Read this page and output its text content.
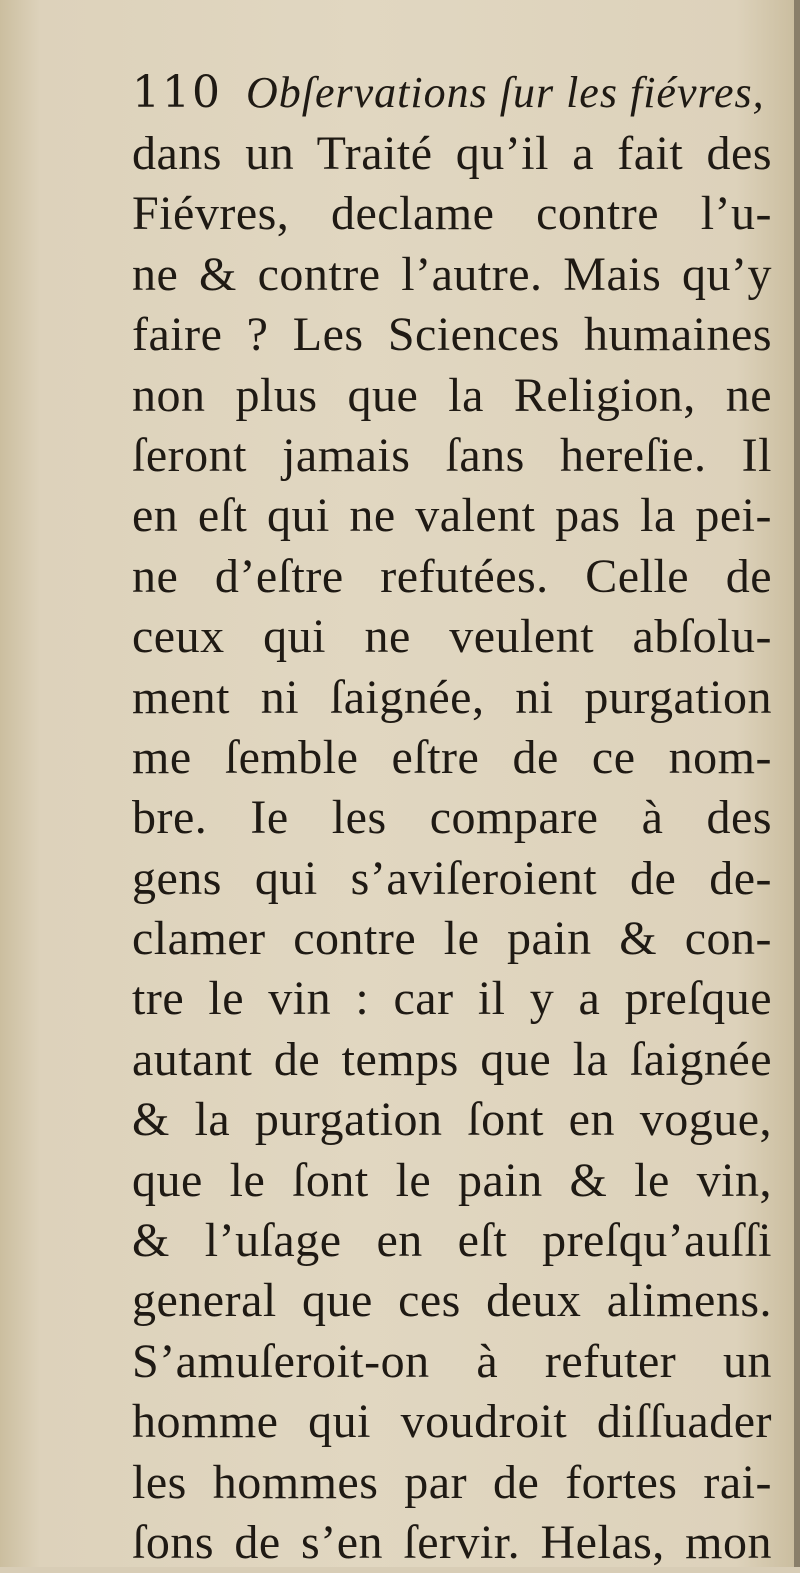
110 Obſervations ſur les fiévres,
dans un Traité qu’il a fait des
Fiévres, declame contre l’u-
ne & contre l’autre. Mais qu’y
faire ? Les Sciences humaines
non plus que la Religion, ne
ſeront jamais ſans hereſie. Il
en eſt qui ne valent pas la pei-
ne d’eſtre refutées. Celle de
ceux qui ne veulent abſolu-
ment ni ſaignée, ni purgation
me ſemble eſtre de ce nom-
bre. Ie les compare à des
gens qui s’aviſeroient de de-
clamer contre le pain & con-
tre le vin : car il y a preſque
autant de temps que la ſaignée
& la purgation ſont en vogue,
que le ſont le pain & le vin,
& l’uſage en eſt preſqu’auſſi
general que ces deux alimens.
S’amuſeroit-on à refuter un
homme qui voudroit diſſuader
les hommes par de fortes rai-
ſons de s’en ſervir. Helas, mon
